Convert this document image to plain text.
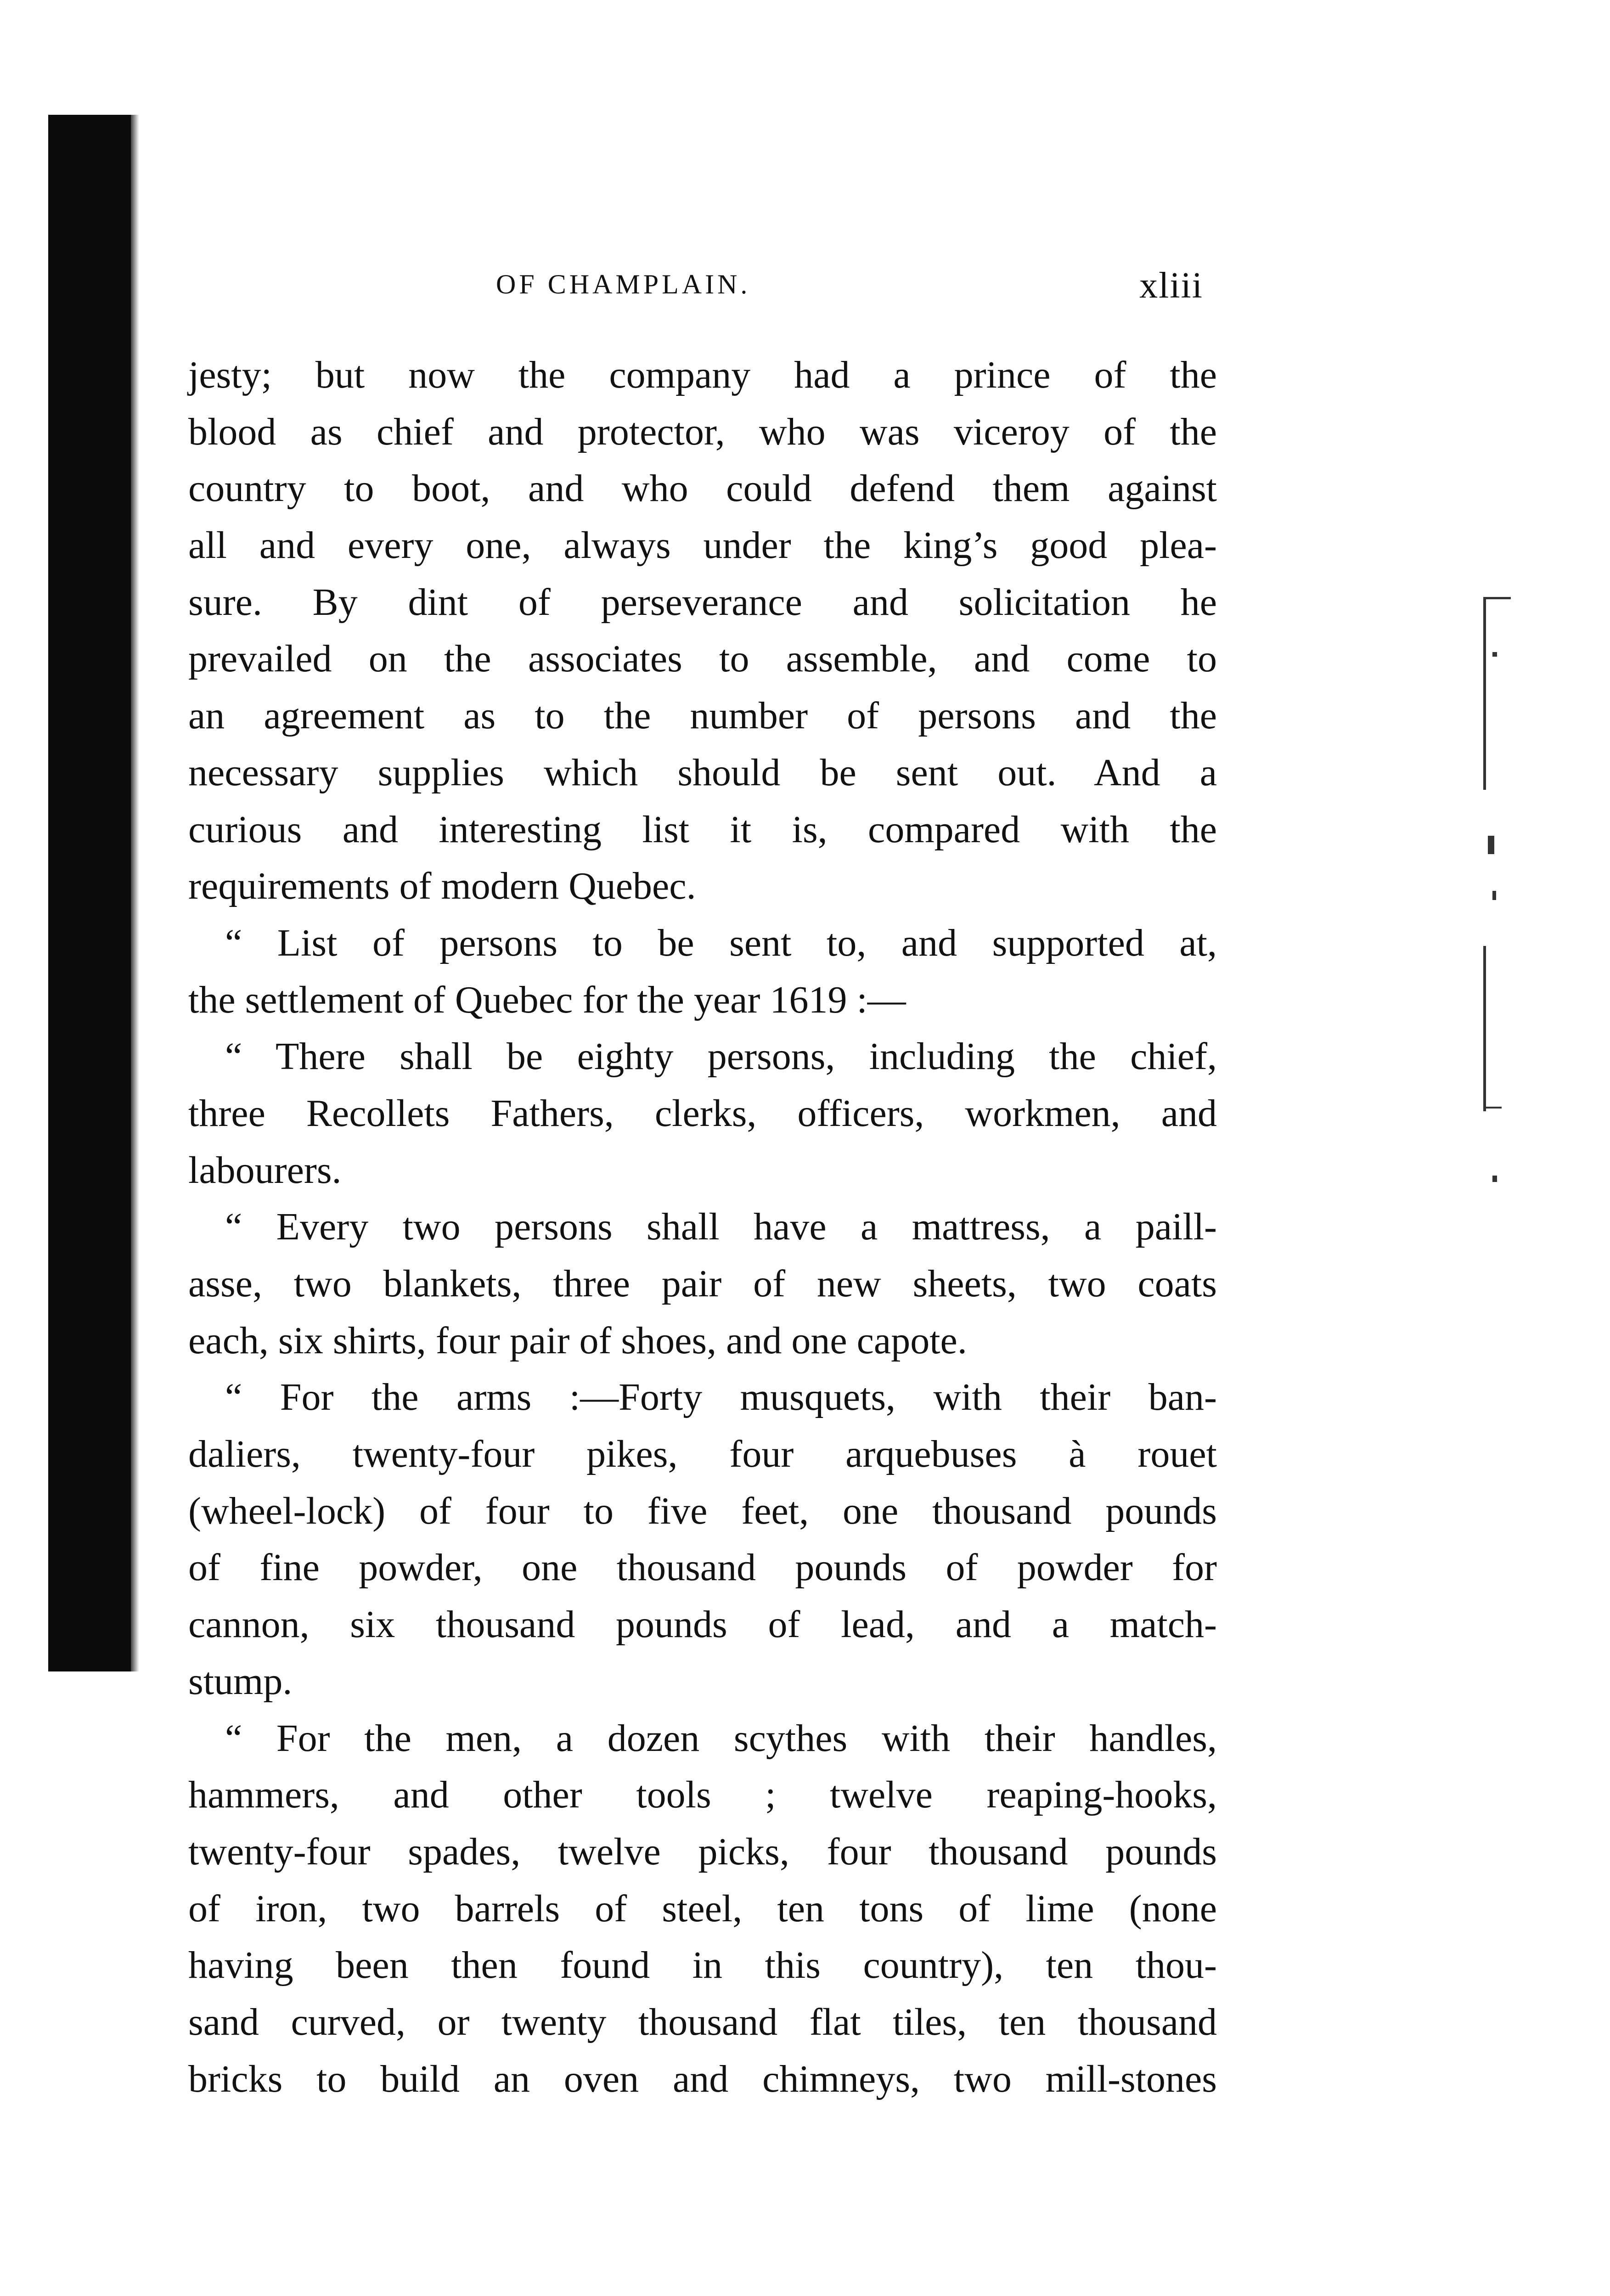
OF CHAMPLAIN.	xliii
jesty; but now the company had a prince of the
blood as chief and protector, who was viceroy of the
country to boot, and who could defend them against
all and every one, always under the king’s good plea-
sure. By dint of perseverance and solicitation he
prevailed on the associates to assemble, and come to
an agreement as to the number of persons and the
necessary supplies which should be sent out. And a
curious and interesting list it is, compared with the
requirements of modern Quebec.
“ List of persons to be sent to, and supported at,
the settlement of Quebec for the year 1619 :—
“ There shall be eighty persons, including the chief,
three Recollets Fathers, clerks, officers, workmen, and
labourers.
“ Every two persons shall have a mattress, a paill-
asse, two blankets, three pair of new sheets, two coats
each, six shirts, four pair of shoes, and one capote.
“ For the arms :—Forty musquets, with their ban-
daliers, twenty-four pikes, four arquebuses à rouet
(wheel-lock) of four to five feet, one thousand pounds
of fine powder, one thousand pounds of powder for
cannon, six thousand pounds of lead, and a match-
stump.
“ For the men, a dozen scythes with their handles,
hammers, and other tools ; twelve reaping-hooks,
twenty-four spades, twelve picks, four thousand pounds
of iron, two barrels of steel, ten tons of lime (none
having been then found in this country), ten thou-
sand curved, or twenty thousand flat tiles, ten thousand
bricks to build an oven and chimneys, two mill-stones
